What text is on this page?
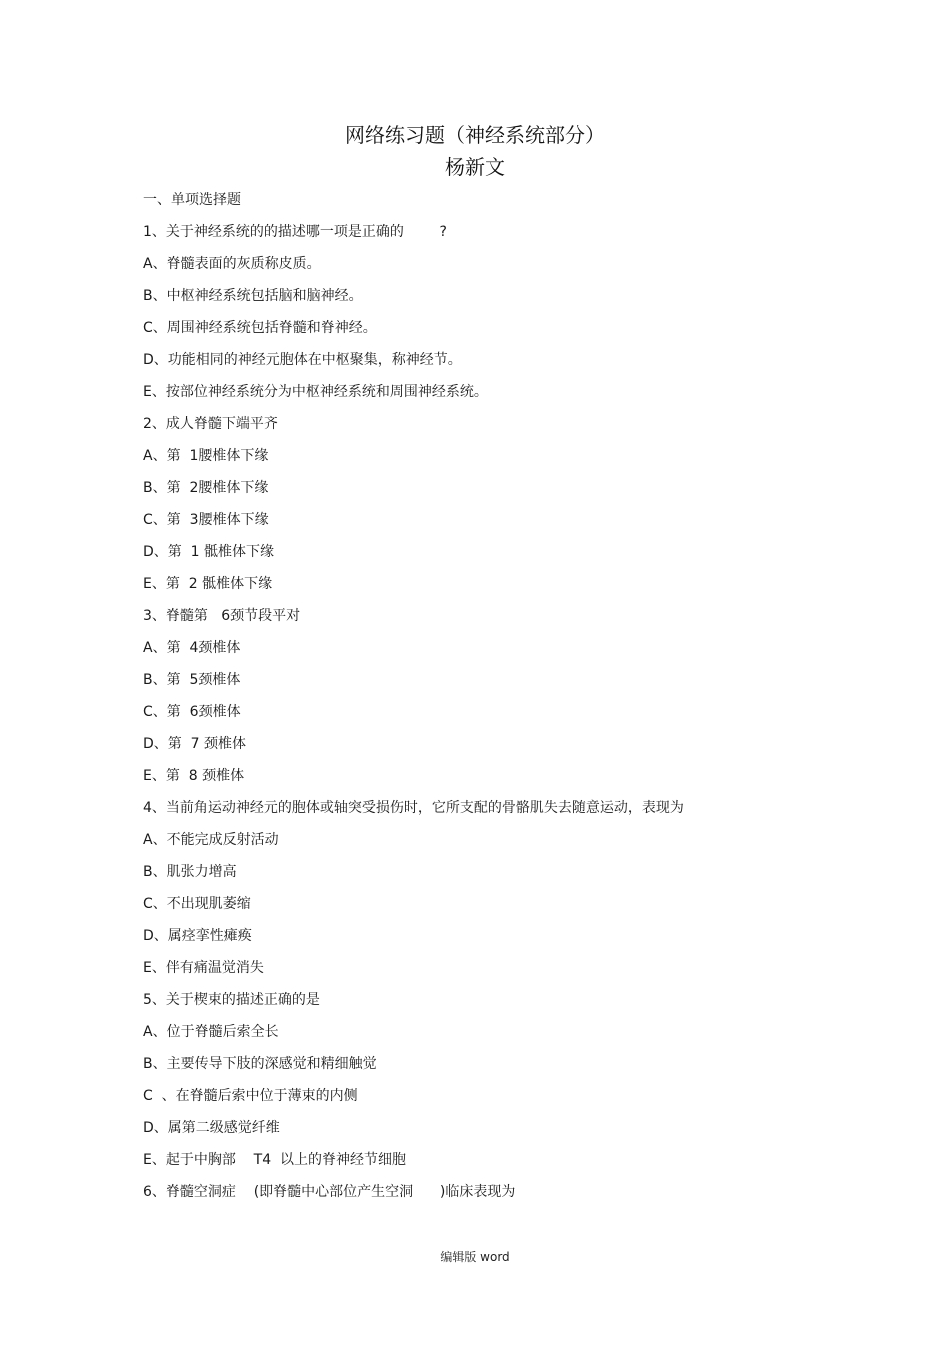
网络练习题（神经系统部分）
杨新文
一、单项选择题
1、关于神经系统的的描述哪一项是正确的        ?
A、脊髓表面的灰质称皮质。
B、中枢神经系统包括脑和脑神经。
C、周围神经系统包括脊髓和脊神经。
D、功能相同的神经元胞体在中枢聚集，称神经节。
E、按部位神经系统分为中枢神经系统和周围神经系统。
2、成人脊髓下端平齐
A、第  1腰椎体下缘
B、第  2腰椎体下缘
C、第  3腰椎体下缘
D、第  1 骶椎体下缘
E、第  2 骶椎体下缘
3、脊髓第   6颈节段平对
A、第  4颈椎体
B、第  5颈椎体
C、第  6颈椎体
D、第  7 颈椎体
E、第  8 颈椎体
4、当前角运动神经元的胞体或轴突受损伤时，它所支配的骨骼肌失去随意运动，表现为
A、不能完成反射活动
B、肌张力增高
C、不出现肌萎缩
D、属痉挛性瘫痪
E、伴有痛温觉消失
5、关于楔束的描述正确的是
A、位于脊髓后索全长
B、主要传导下肢的深感觉和精细触觉
C  、在脊髓后索中位于薄束的内侧
D、属第二级感觉纤维
E、起于中胸部    T4  以上的脊神经节细胞
6、脊髓空洞症    (即脊髓中心部位产生空洞      )临床表现为
编辑版 word
